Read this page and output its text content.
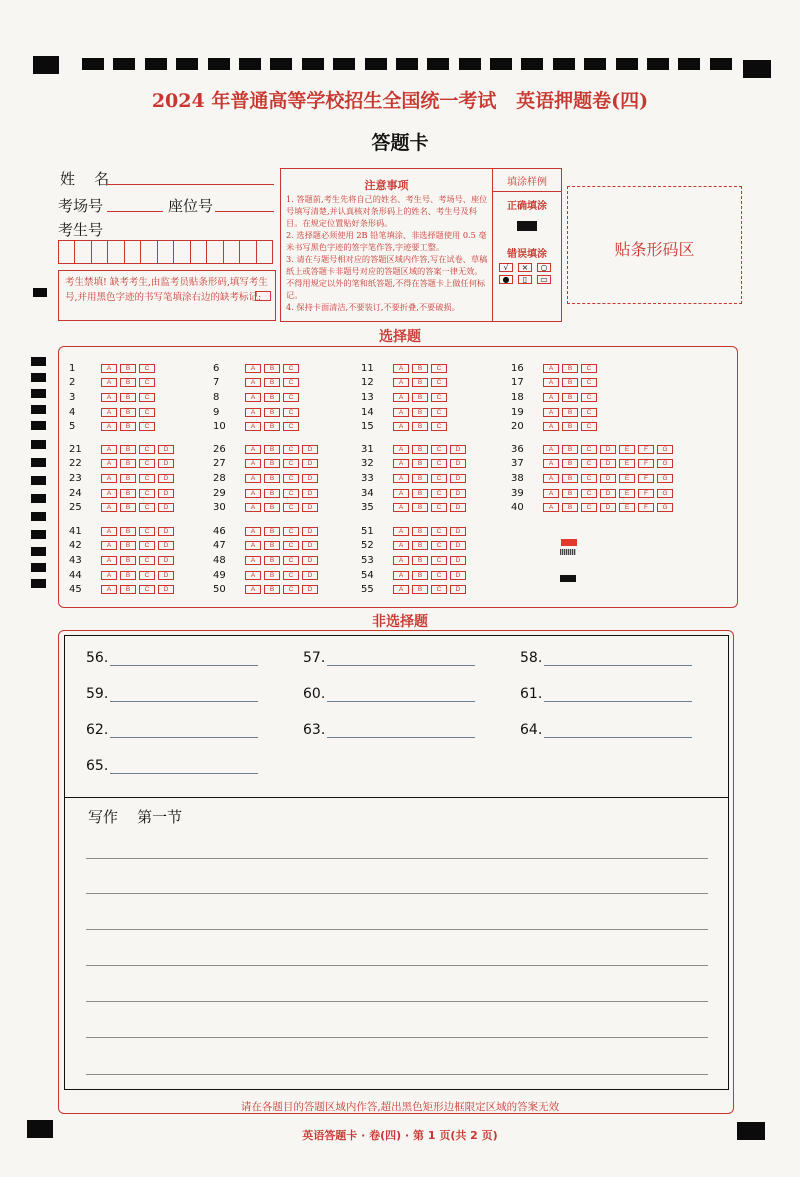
2024 年普通高等学校招生全国统一考试   英语押题卷(四)
答题卡
姓    名
考场号	座位号
考生号
考生禁填! 缺考考生,由监考员贴条形码,填写考生号,并用黑色字迹的书写笔填涂右边的缺考标记;
注意事项
1. 答题前,考生先将自己的姓名、考生号、考场号、座位号填写清楚,并认真核对条形码上的姓名、考生号及科目。在规定位置贴好条形码。
2. 选择题必须使用 2B 铅笔填涂、非选择题使用 0.5 毫米书写黑色字迹的签字笔作答,字迹要工整。
3. 请在与题号相对应的答题区域内作答,写在试卷、草稿纸上或答题卡非题号对应的答题区域的答案一律无效。不得用规定以外的笔和纸答题,不得在答题卡上做任何标记。
4. 保持卡面清洁,不要装订,不要折叠,不要破损。
填涂样例
正确填涂
错误填涂
√	×	○
●	▯	▭
贴条形码区
选择题
1	A	B	C
2	A	B	C
3	A	B	C
4	A	B	C
5	A	B	C
6	A	B	C
7	A	B	C
8	A	B	C
9	A	B	C
10	A	B	C
11	A	B	C
12	A	B	C
13	A	B	C
14	A	B	C
15	A	B	C
16	A	B	C
17	A	B	C
18	A	B	C
19	A	B	C
20	A	B	C
21	A	B	C	D
22	A	B	C	D
23	A	B	C	D
24	A	B	C	D
25	A	B	C	D
26	A	B	C	D
27	A	B	C	D
28	A	B	C	D
29	A	B	C	D
30	A	B	C	D
31	A	B	C	D
32	A	B	C	D
33	A	B	C	D
34	A	B	C	D
35	A	B	C	D
36	A	B	C	D	E	F	G
37	A	B	C	D	E	F	G
38	A	B	C	D	E	F	G
39	A	B	C	D	E	F	G
40	A	B	C	D	E	F	G
41	A	B	C	D
42	A	B	C	D
43	A	B	C	D
44	A	B	C	D
45	A	B	C	D
46	A	B	C	D
47	A	B	C	D
48	A	B	C	D
49	A	B	C	D
50	A	B	C	D
51	A	B	C	D
52	A	B	C	D
53	A	B	C	D
54	A	B	C	D
55	A	B	C	D
非选择题
56.	57.	58.
59.	60.	61.
62.	63.	64.
65.
写作    第一节
请在各题目的答题区域内作答,超出黑色矩形边框限定区域的答案无效
英语答题卡 · 卷(四) · 第 1 页(共 2 页)
